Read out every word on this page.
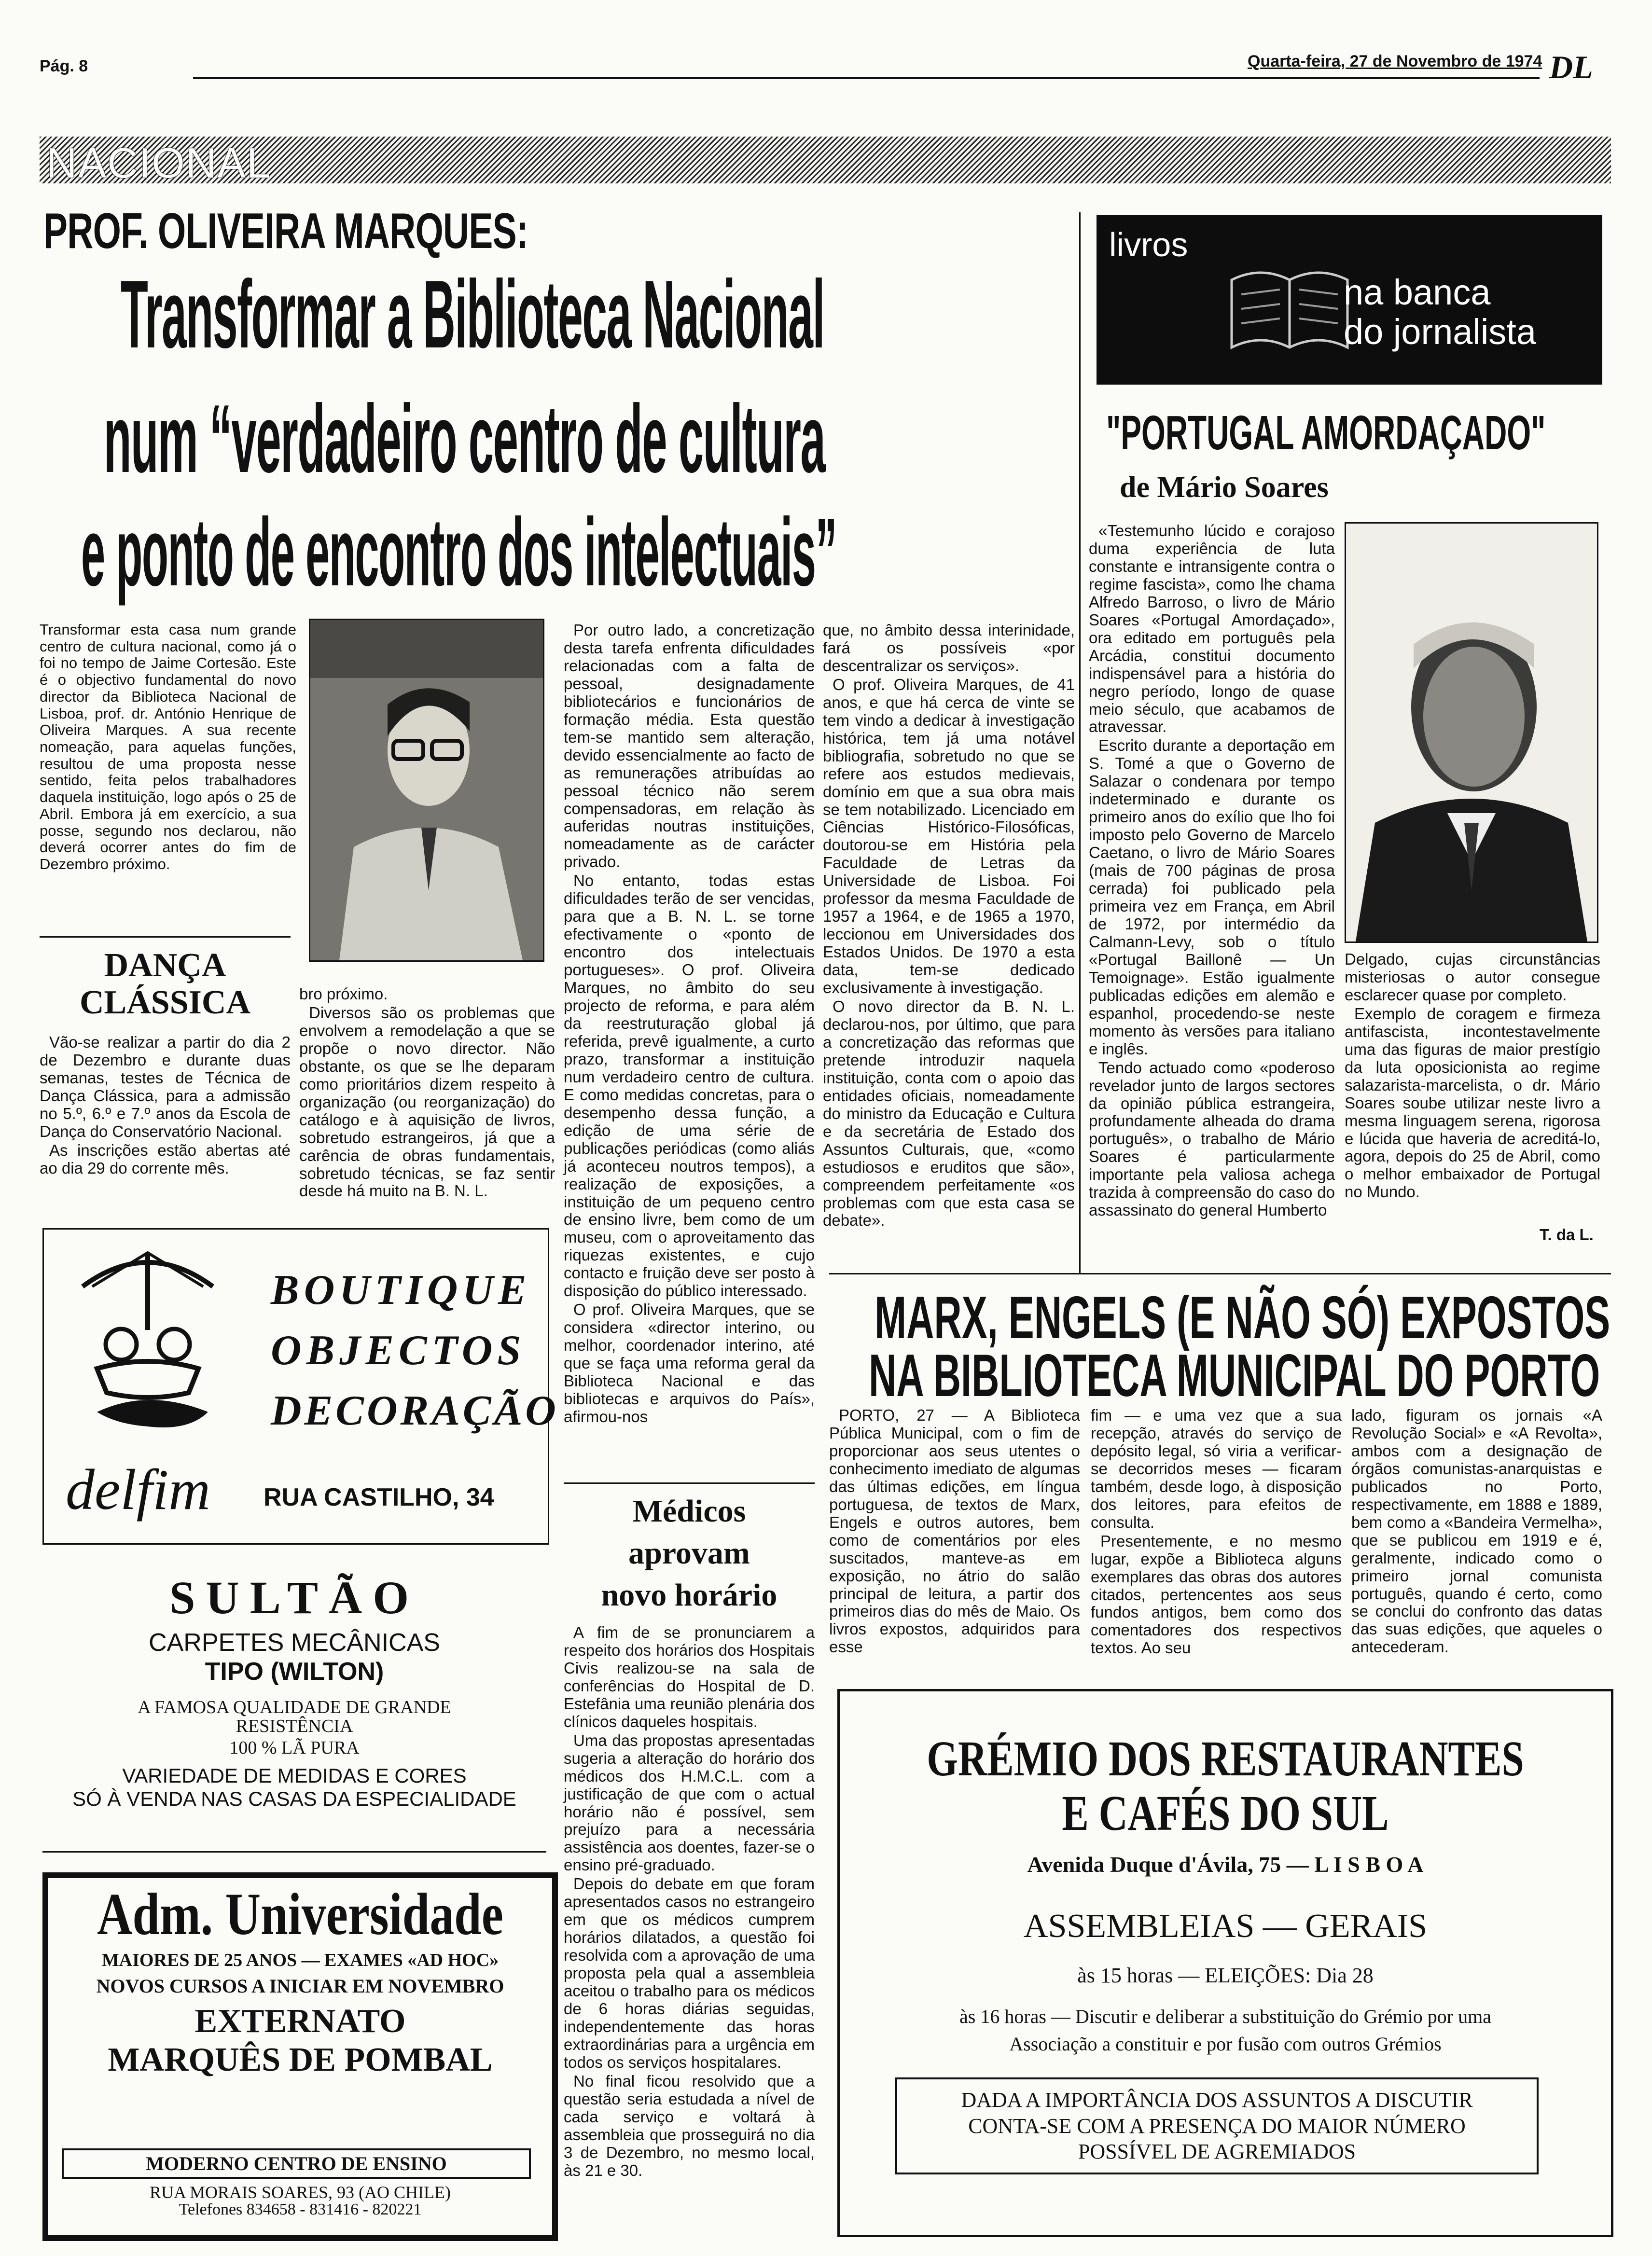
Pág. 8	Quarta-feira, 27 de Novembro de 1974 DL
NACIONAL
PROF. OLIVEIRA MARQUES:
Transformar a Biblioteca Nacional
num “verdadeiro centro de cultura
e ponto de encontro dos intelectuais”

Transformar esta casa num grande centro de cultura nacional, como já o foi no tempo de Jaime Cortesão. Este é o objectivo fundamental do novo director da Biblioteca Nacional de Lisboa, prof. dr. António Henrique de Oliveira Marques. A sua recente nomeação, para aquelas funções, resultou de uma proposta nesse sentido, feita pelos trabalhadores daquela instituição, logo após o 25 de Abril. Embora já em exercício, a sua posse, segundo nos declarou, não deverá ocorrer antes do fim de Dezembro próximo.

bro próximo.

Diversos são os problemas que envolvem a remodelação a que se propõe o novo director. Não obstante, os que se lhe deparam como prioritários dizem respeito à organização (ou reorganização) do catálogo e à aquisição de livros, sobretudo estrangeiros, já que a carência de obras fundamentais, sobretudo técnicas, se faz sentir desde há muito na B. N. L.

Por outro lado, a concretização desta tarefa enfrenta dificuldades relacionadas com a falta de pessoal, designadamente bibliotecários e funcionários de formação média. Esta questão tem-se mantido sem alteração, devido essencialmente ao facto de as remunerações atribuídas ao pessoal técnico não serem compensadoras, em relação às auferidas noutras instituições, nomeadamente as de carácter privado.

No entanto, todas estas dificuldades terão de ser vencidas, para que a B. N. L. se torne efectivamente o «ponto de encontro dos intelectuais portugueses». O prof. Oliveira Marques, no âmbito do seu projecto de reforma, e para além da reestruturação global já referida, prevê igualmente, a curto prazo, transformar a instituição num verdadeiro centro de cultura. E como medidas concretas, para o desempenho dessa função, a edição de uma série de publicações periódicas (como aliás já aconteceu noutros tempos), a realização de exposições, a instituição de um pequeno centro de ensino livre, bem como de um museu, com o aproveitamento das riquezas existentes, e cujo contacto e fruição deve ser posto à disposição do público interessado.

O prof. Oliveira Marques, que se considera «director interino, ou melhor, coordenador interino, até que se faça uma reforma geral da Biblioteca Nacional e das bibliotecas e arquivos do País», afirmou-nos

que, no âmbito dessa interinidade, fará os possíveis «por descentralizar os serviços».

O prof. Oliveira Marques, de 41 anos, e que há cerca de vinte se tem vindo a dedicar à investigação histórica, tem já uma notável bibliografia, sobretudo no que se refere aos estudos medievais, domínio em que a sua obra mais se tem notabilizado. Licenciado em Ciências Histórico-Filosóficas, doutorou-se em História pela Faculdade de Letras da Universidade de Lisboa. Foi professor da mesma Faculdade de 1957 a 1964, e de 1965 a 1970, leccionou em Universidades dos Estados Unidos. De 1970 a esta data, tem-se dedicado exclusivamente à investigação.

O novo director da B. N. L. declarou-nos, por último, que para a concretização das reformas que pretende introduzir naquela instituição, conta com o apoio das entidades oficiais, nomeadamente do ministro da Educação e Cultura e da secretária de Estado dos Assuntos Culturais, que, «como estudiosos e eruditos que são», compreendem perfeitamente «os problemas com que esta casa se debate».

DANÇA
CLÁSSICA

Vão-se realizar a partir do dia 2 de Dezembro e durante duas semanas, testes de Técnica de Dança Clássica, para a admissão no 5.º, 6.º e 7.º anos da Escola de Dança do Conservatório Nacional.

As inscrições estão abertas até ao dia 29 do corrente mês.

livros
na banca
do jornalista
"PORTUGAL AMORDAÇADO"
de Mário Soares

«Testemunho lúcido e corajoso duma experiência de luta constante e intransigente contra o regime fascista», como lhe chama Alfredo Barroso, o livro de Mário Soares «Portugal Amordaçado», ora editado em português pela Arcádia, constitui documento indispensável para a história do negro período, longo de quase meio século, que acabamos de atravessar.

Escrito durante a deportação em S. Tomé a que o Governo de Salazar o condenara por tempo indeterminado e durante os primeiro anos do exílio que lho foi imposto pelo Governo de Marcelo Caetano, o livro de Mário Soares (mais de 700 páginas de prosa cerrada) foi publicado pela primeira vez em França, em Abril de 1972, por intermédio da Calmann-Levy, sob o título «Portugal Baillonê — Un Temoignage». Estão igualmente publicadas edições em alemão e espanhol, procedendo-se neste momento às versões para italiano e inglês.

Tendo actuado como «poderoso revelador junto de largos sectores da opinião pública estrangeira, profundamente alheada do drama português», o trabalho de Mário Soares é particularmente importante pela valiosa achega trazida à compreensão do caso do assassinato do general Humberto

Delgado, cujas circunstâncias misteriosas o autor consegue esclarecer quase por completo.

Exemplo de coragem e firmeza antifascista, incontestavelmente uma das figuras de maior prestígio da luta oposicionista ao regime salazarista-marcelista, o dr. Mário Soares soube utilizar neste livro a mesma linguagem serena, rigorosa e lúcida que haveria de acreditá-lo, agora, depois do 25 de Abril, como o melhor embaixador de Portugal no Mundo.

T. da L.
BOUTIQUE
OBJECTOS
DECORAÇÃO
delfim RUA CASTILHO, 34
SULTÃO
CARPETES MECÂNICAS
TIPO (WILTON)
A FAMOSA QUALIDADE DE GRANDE
RESISTÊNCIA
100 % LÃ PURA
VARIEDADE DE MEDIDAS E CORES
SÓ À VENDA NAS CASAS DA ESPECIALIDADE
Adm. Universidade
MAIORES DE 25 ANOS — EXAMES «AD HOC»
NOVOS CURSOS A INICIAR EM NOVEMBRO
EXTERNATO
MARQUÊS DE POMBAL
MODERNO CENTRO DE ENSINO
RUA MORAIS SOARES, 93 (AO CHILE)
Telefones 834658 - 831416 - 820221
Médicos
aprovam
novo horário

A fim de se pronunciarem a respeito dos horários dos Hospitais Civis realizou-se na sala de conferências do Hospital de D. Estefânia uma reunião plenária dos clínicos daqueles hospitais.

Uma das propostas apresentadas sugeria a alteração do horário dos médicos dos H.M.C.L. com a justificação de que com o actual horário não é possível, sem prejuízo para a necessária assistência aos doentes, fazer-se o ensino pré-graduado.

Depois do debate em que foram apresentados casos no estrangeiro em que os médicos cumprem horários dilatados, a questão foi resolvida com a aprovação de uma proposta pela qual a assembleia aceitou o trabalho para os médicos de 6 horas diárias seguidas, independentemente das horas extraordinárias para a urgência em todos os serviços hospitalares.

No final ficou resolvido que a questão seria estudada a nível de cada serviço e voltará à assembleia que prosseguirá no dia 3 de Dezembro, no mesmo local, às 21 e 30.

MARX, ENGELS (E NÃO SÓ) EXPOSTOS
NA BIBLIOTECA MUNICIPAL DO PORTO

PORTO, 27 — A Biblioteca Pública Municipal, com o fim de proporcionar aos seus utentes o conhecimento imediato de algumas das últimas edições, em língua portuguesa, de textos de Marx, Engels e outros autores, bem como de comentários por eles suscitados, manteve-as em exposição, no átrio do salão principal de leitura, a partir dos primeiros dias do mês de Maio. Os livros expostos, adquiridos para esse

fim — e uma vez que a sua recepção, através do serviço de depósito legal, só viria a verificar-se decorridos meses — ficaram também, desde logo, à disposição dos leitores, para efeitos de consulta.

Presentemente, e no mesmo lugar, expõe a Biblioteca alguns exemplares das obras dos autores citados, pertencentes aos seus fundos antigos, bem como dos comentadores dos respectivos textos. Ao seu

lado, figuram os jornais «A Revolução Social» e «A Revolta», ambos com a designação de órgãos comunistas-anarquistas e publicados no Porto, respectivamente, em 1888 e 1889, bem como a «Bandeira Vermelha», que se publicou em 1919 e é, geralmente, indicado como o primeiro jornal comunista português, quando é certo, como se conclui do confronto das datas das suas edições, que aqueles o antecederam.

GRÉMIO DOS RESTAURANTES
E CAFÉS DO SUL
Avenida Duque d'Ávila, 75 — L I S B O A
ASSEMBLEIAS — GERAIS
às 15 horas — ELEIÇÕES: Dia 28
às 16 horas — Discutir e deliberar a substituição do Grémio por uma
Associação a constituir e por fusão com outros Grémios
DADA A IMPORTÂNCIA DOS ASSUNTOS A DISCUTIR
CONTA-SE COM A PRESENÇA DO MAIOR NÚMERO
POSSÍVEL DE AGREMIADOS
